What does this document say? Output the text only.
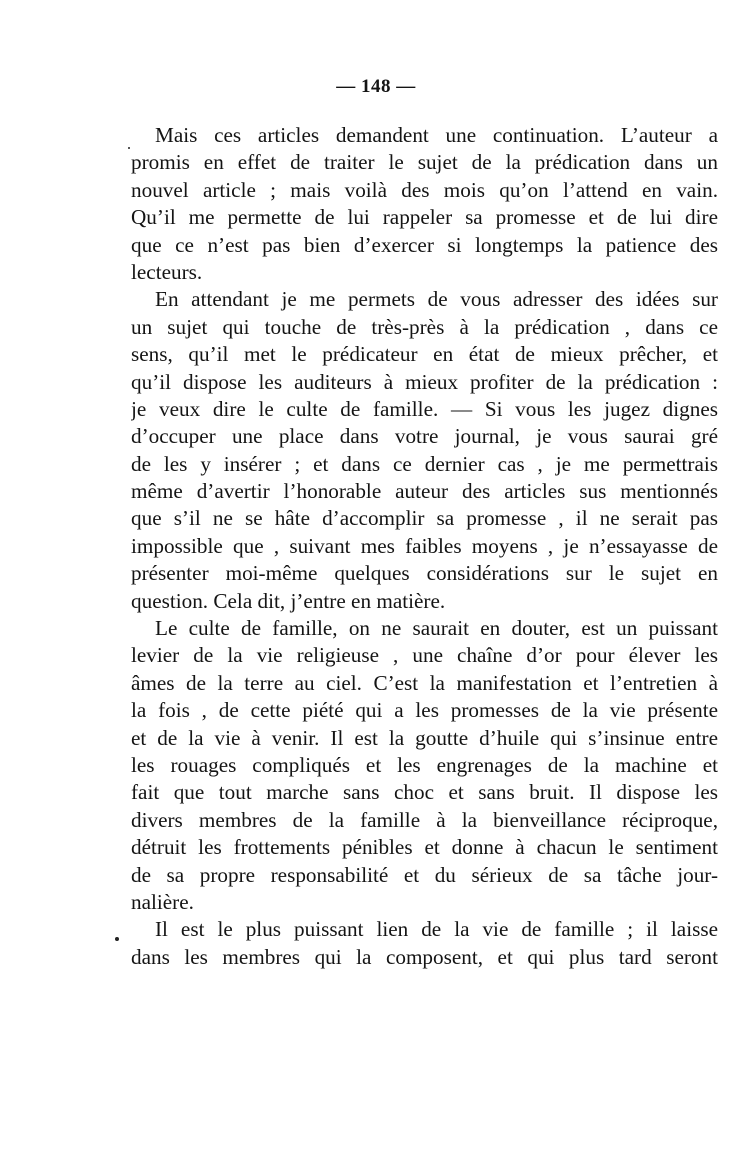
— 148 —
Mais ces articles demandent une continuation. L’auteur a
promis en effet de traiter le sujet de la prédication dans un
nouvel article ; mais voilà des mois qu’on l’attend en vain.
Qu’il me permette de lui rappeler sa promesse et de lui dire
que ce n’est pas bien d’exercer si longtemps la patience des
lecteurs.
En attendant je me permets de vous adresser des idées sur
un sujet qui touche de très-près à la prédication , dans ce
sens, qu’il met le prédicateur en état de mieux prêcher, et
qu’il dispose les auditeurs à mieux profiter de la prédication :
je veux dire le culte de famille. — Si vous les jugez dignes
d’occuper une place dans votre journal, je vous saurai gré
de les y insérer ; et dans ce dernier cas , je me permettrais
même d’avertir l’honorable auteur des articles sus mentionnés
que s’il ne se hâte d’accomplir sa promesse , il ne serait pas
impossible que , suivant mes faibles moyens , je n’essayasse de
présenter moi-même quelques considérations sur le sujet en
question. Cela dit, j’entre en matière.
Le culte de famille, on ne saurait en douter, est un puissant
levier de la vie religieuse , une chaîne d’or pour élever les
âmes de la terre au ciel. C’est la manifestation et l’entretien à
la fois , de cette piété qui a les promesses de la vie présente
et de la vie à venir. Il est la goutte d’huile qui s’insinue entre
les rouages compliqués et les engrenages de la machine et
fait que tout marche sans choc et sans bruit. Il dispose les
divers membres de la famille à la bienveillance réciproque,
détruit les frottements pénibles et donne à chacun le sentiment
de sa propre responsabilité et du sérieux de sa tâche jour-
nalière.
Il est le plus puissant lien de la vie de famille ; il laisse
dans les membres qui la composent, et qui plus tard seront
